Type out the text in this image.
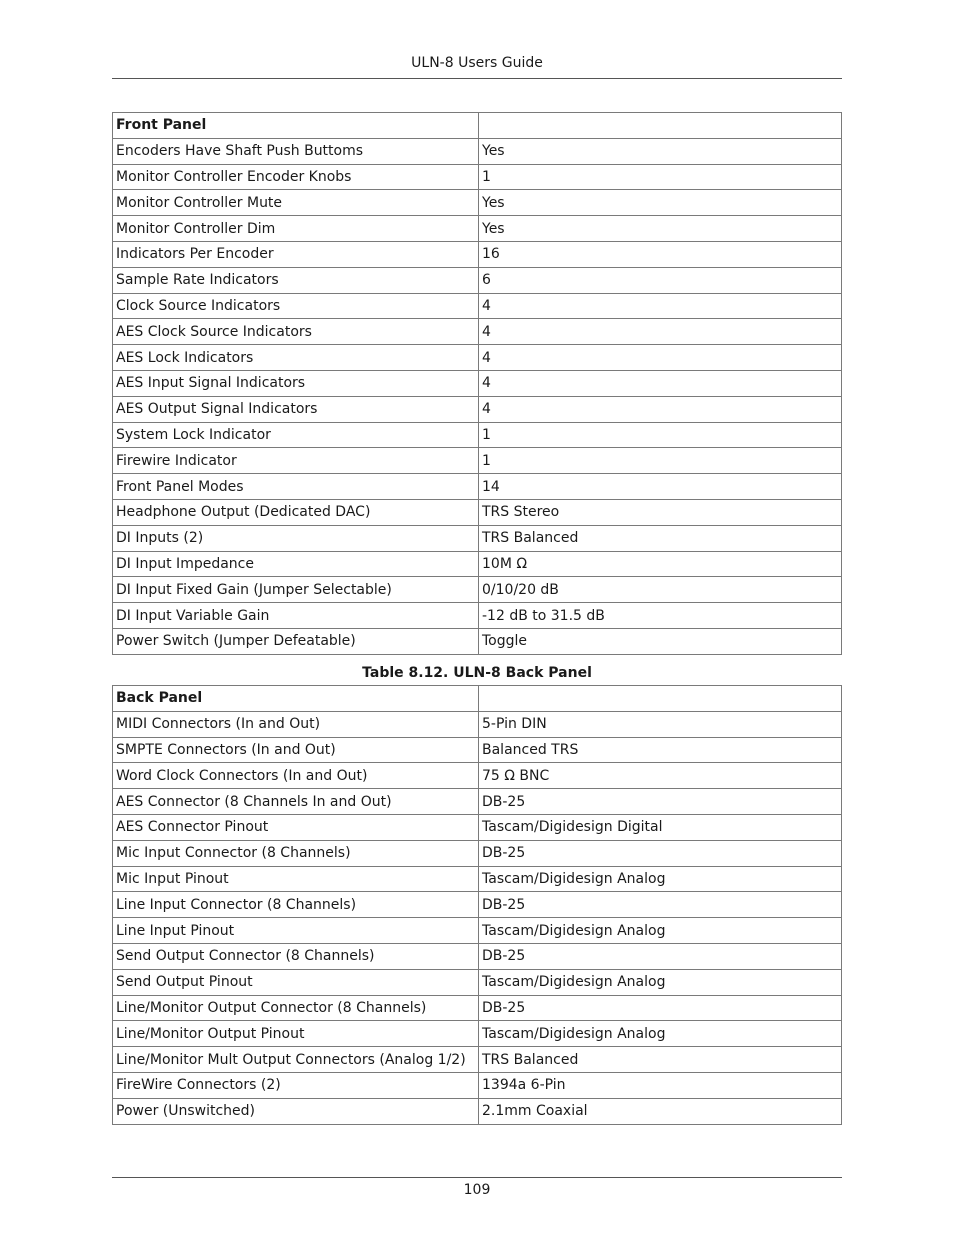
ULN-8 Users Guide
Front Panel	
Encoders Have Shaft Push Buttoms	Yes
Monitor Controller Encoder Knobs	1
Monitor Controller Mute	Yes
Monitor Controller Dim	Yes
Indicators Per Encoder	16
Sample Rate Indicators	6
Clock Source Indicators	4
AES Clock Source Indicators	4
AES Lock Indicators	4
AES Input Signal Indicators	4
AES Output Signal Indicators	4
System Lock Indicator	1
Firewire Indicator	1
Front Panel Modes	14
Headphone Output (Dedicated DAC)	TRS Stereo
DI Inputs (2)	TRS Balanced
DI Input Impedance	10M Ω
DI Input Fixed Gain (Jumper Selectable)	0/10/20 dB
DI Input Variable Gain	-12 dB to 31.5 dB
Power Switch (Jumper Defeatable)	Toggle
Table 8.12. ULN-8 Back Panel
Back Panel	
MIDI Connectors (In and Out)	5-Pin DIN
SMPTE Connectors (In and Out)	Balanced TRS
Word Clock Connectors (In and Out)	75 Ω BNC
AES Connector (8 Channels In and Out)	DB-25
AES Connector Pinout	Tascam/Digidesign Digital
Mic Input Connector (8 Channels)	DB-25
Mic Input Pinout	Tascam/Digidesign Analog
Line Input Connector (8 Channels)	DB-25
Line Input Pinout	Tascam/Digidesign Analog
Send Output Connector (8 Channels)	DB-25
Send Output Pinout	Tascam/Digidesign Analog
Line/Monitor Output Connector (8 Channels)	DB-25
Line/Monitor Output Pinout	Tascam/Digidesign Analog
Line/Monitor Mult Output Connectors (Analog 1/2)	TRS Balanced
FireWire Connectors (2)	1394a 6-Pin
Power (Unswitched)	2.1mm Coaxial
109
